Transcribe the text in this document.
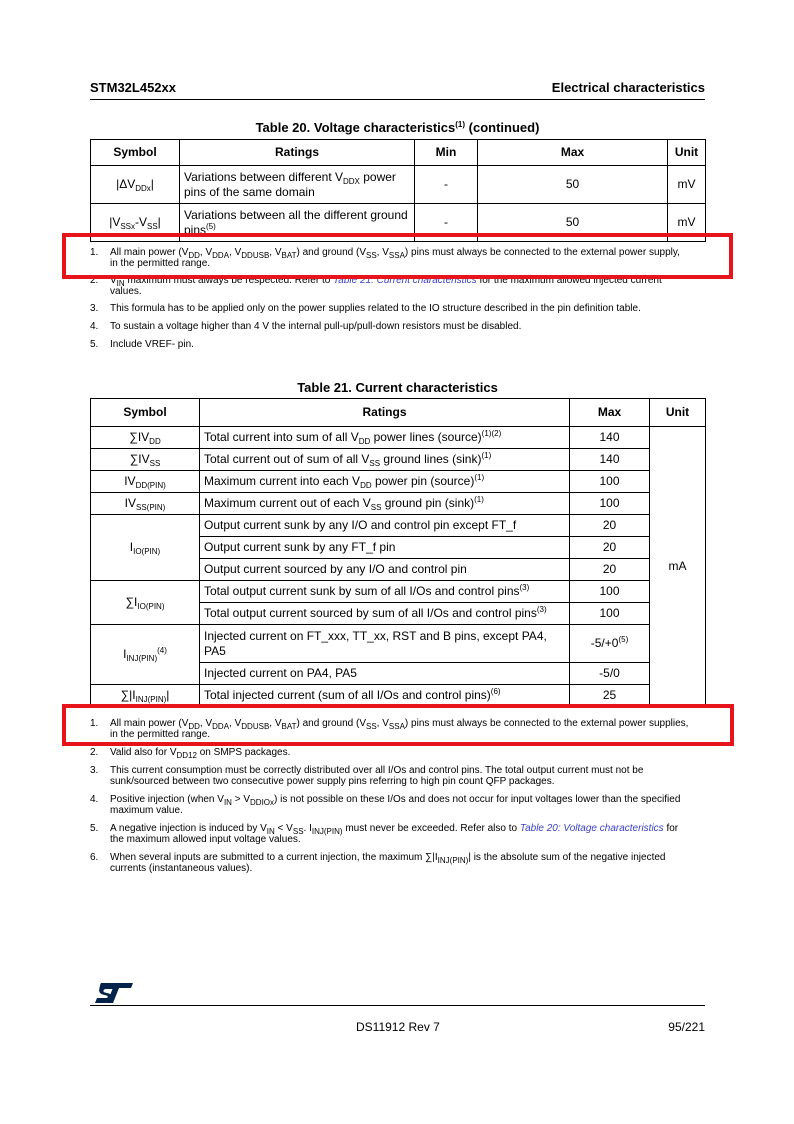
STM32L452xx	Electrical characteristics
Table 20. Voltage characteristics$^{(1)}$ (continued)
Symbol	Ratings	Min	Max	Unit
$|\Delta V_{DDx}|$	Variations between different $V_{DDX}$ power pins of the same domain	-	50	mV
$|V_{SSx}-V_{SS}|$	Variations between all the different ground pins$^{(5)}$	-	50	mV
1. All main power ($V_{DD}$, $V_{DDA}$, $V_{DDUSB}$, $V_{BAT}$) and ground ($V_{SS}$, $V_{SSA}$) pins must always be connected to the external power supply, in the permitted range.
2. $V_{IN}$ maximum must always be respected. Refer to Table 21: Current characteristics for the maximum allowed injected current values.
3. This formula has to be applied only on the power supplies related to the IO structure described in the pin definition table.
4. To sustain a voltage higher than 4 V the internal pull-up/pull-down resistors must be disabled.
5. Include VREF- pin.
Table 21. Current characteristics
Symbol	Ratings	Max	Unit
$\sum IV_{DD}$	Total current into sum of all $V_{DD}$ power lines (source)$^{(1)(2)}$	140	mA
$\sum IV_{SS}$	Total current out of sum of all $V_{SS}$ ground lines $(\sin k)^{(1)}$	140	
$IV_{DD(PIN)}$	Maximum current into each $V_{DD}$ power pin (source)$^{(1)}$	100	
$IV_{SS(PIN)}$	Maximum current out of each $V_{SS}$ ground pin $(\sin k)^{(1)}$	100	
$I_{IO(PIN)}$	Output current sunk by any I/O and control pin except FT_f	20	
	Output current sunk by any FT_f pin	20	
	Output current sourced by any I/O and control pin	20	
$\sum I_{IO(PIN)}$	Total output current sunk by sum of all I/Os and control pins$^{(3)}$	100	
	Total output current sourced by sum of all I/Os and control pins$^{(3)}$	100	
$I_{INJ(PIN)}^{(4)}$	Injected current on FT_xxx, TT_xx, RST and B pins, except PA4, PA5	$-5/+0^{(5)}$
	Injected current on PA4, PA5	-5/0	
$\sum|I_{INJ(PIN)}|$	Total injected current (sum of all I/Os and control pins)$^{(6)}$	25	
1. All main power ($V_{DD}$, $V_{DDA}$, $V_{DDUSB}$, $V_{BAT}$) and ground ($V_{SS}$, $V_{SSA}$) pins must always be connected to the external power supplies, in the permitted range.
2. Valid also for $V_{DD12}$ on SMPS packages.
3. This current consumption must be correctly distributed over all I/Os and control pins. The total output current must not be sunk/sourced between two consecutive power supply pins referring to high pin count QFP packages.
4. Positive injection (when $V_{IN} > V_{DDIOx}$) is not possible on these I/Os and does not occur for input voltages lower than the specified maximum value.
5. A negative injection is induced by $V_{IN} < V_{SS}$. $I_{INJ(PIN)}$ must never be exceeded. Refer also to Table 20: Voltage characteristics for the maximum allowed input voltage values.
6. When several inputs are submitted to a current injection, the maximum $\sum|I_{INJ(PIN)}|$ is the absolute sum of the negative injected currents (instantaneous values).
DS11912 Rev 7	95/221
